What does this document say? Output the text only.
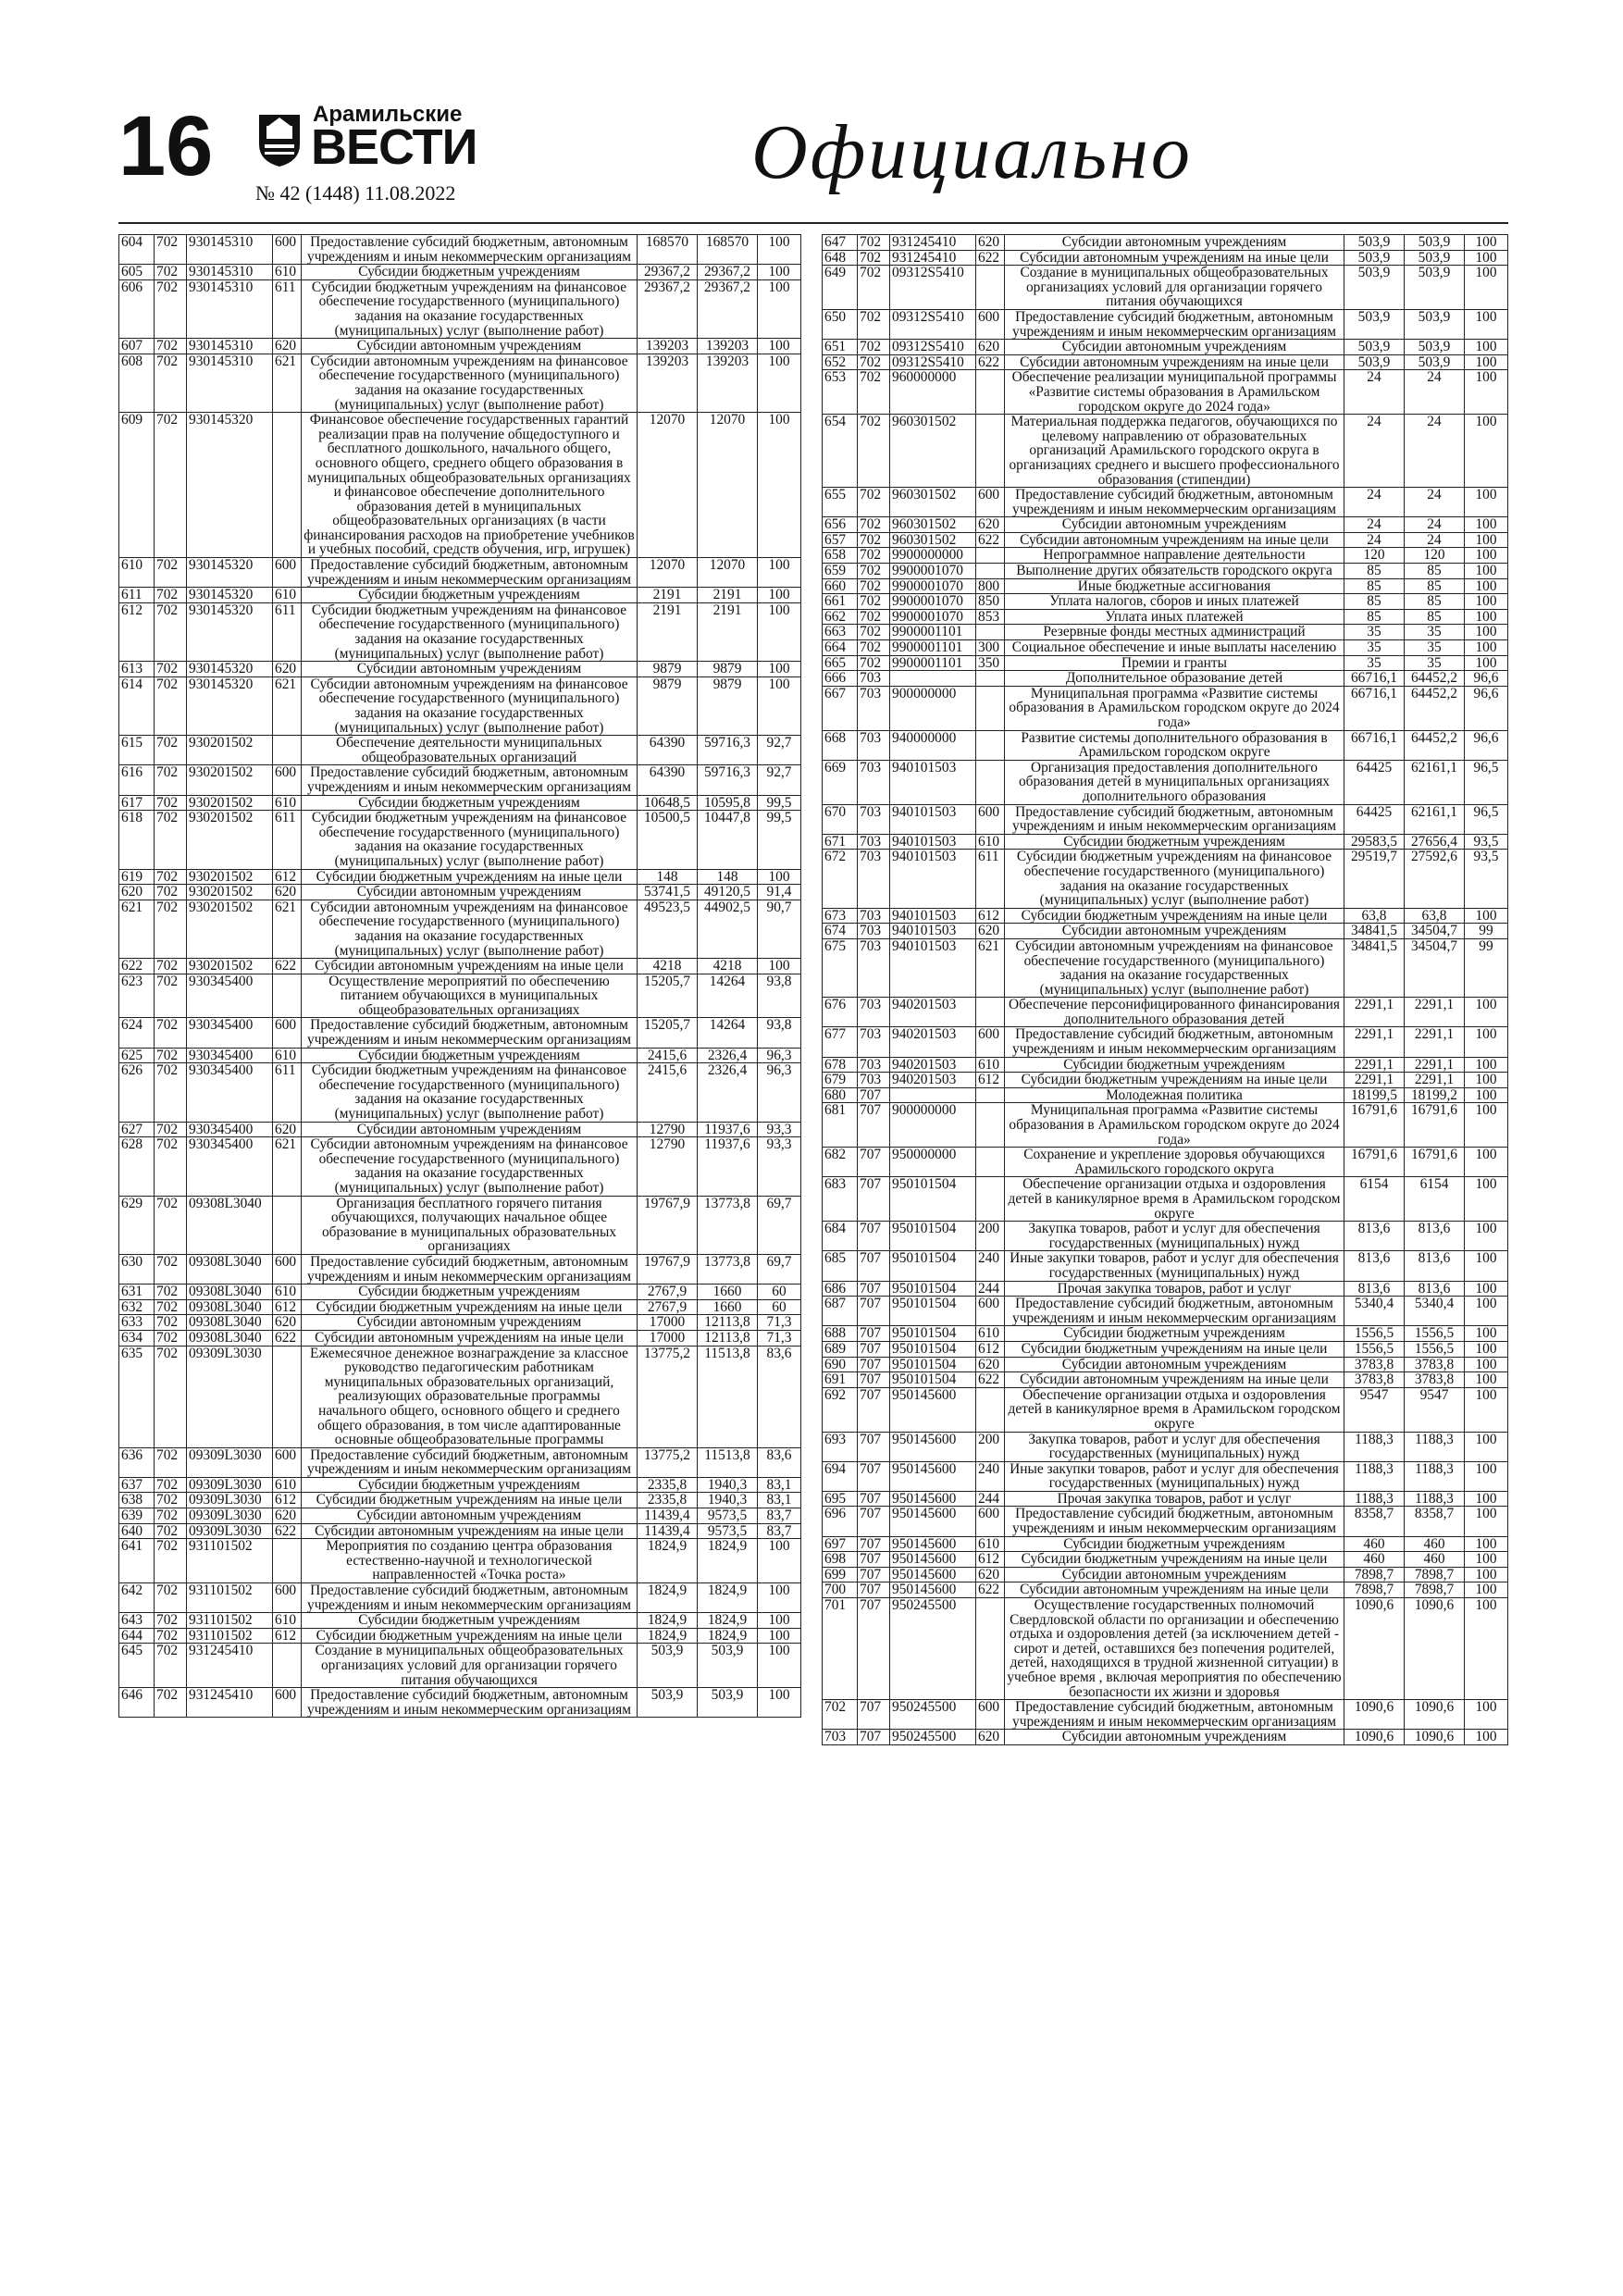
16	Арамильские
ВЕСТИ
№ 42 (1448) 11.08.2022	Официально
604	702	930145310	600	Предоставление субсидий бюджетным, автономным учреждениям и иным некоммерческим организациям	168570	168570	100
605	702	930145310	610	Субсидии бюджетным учреждениям	29367,2	29367,2	100
606	702	930145310	611	Субсидии бюджетным учреждениям на финансовое обеспечение государственного (муниципального) задания на оказание государственных (муниципальных) услуг (выполнение работ)	29367,2	29367,2	100
607	702	930145310	620	Субсидии автономным учреждениям	139203	139203	100
608	702	930145310	621	Субсидии автономным учреждениям на финансовое обеспечение государственного (муниципального) задания на оказание государственных (муниципальных) услуг (выполнение работ)	139203	139203	100
609	702	930145320		Финансовое обеспечение государственных гарантий реализации прав на получение общедоступного и бесплатного дошкольного, начального общего, основного общего, среднего общего образования в муниципальных общеобразовательных организациях и финансовое обеспечение дополнительного образования детей в муниципальных общеобразовательных организациях (в части финансирования расходов на приобретение учебников и учебных пособий, средств обучения, игр, игрушек)	12070	12070	100
610	702	930145320	600	Предоставление субсидий бюджетным, автономным учреждениям и иным некоммерческим организациям	12070	12070	100
611	702	930145320	610	Субсидии бюджетным учреждениям	2191	2191	100
612	702	930145320	611	Субсидии бюджетным учреждениям на финансовое обеспечение государственного (муниципального) задания на оказание государственных (муниципальных) услуг (выполнение работ)	2191	2191	100
613	702	930145320	620	Субсидии автономным учреждениям	9879	9879	100
614	702	930145320	621	Субсидии автономным учреждениям на финансовое обеспечение государственного (муниципального) задания на оказание государственных (муниципальных) услуг (выполнение работ)	9879	9879	100
615	702	930201502		Обеспечение деятельности муниципальных общеобразовательных организаций	64390	59716,3	92,7
616	702	930201502	600	Предоставление субсидий бюджетным, автономным учреждениям и иным некоммерческим организациям	64390	59716,3	92,7
617	702	930201502	610	Субсидии бюджетным учреждениям	10648,5	10595,8	99,5
618	702	930201502	611	Субсидии бюджетным учреждениям на финансовое обеспечение государственного (муниципального) задания на оказание государственных (муниципальных) услуг (выполнение работ)	10500,5	10447,8	99,5
619	702	930201502	612	Субсидии бюджетным учреждениям на иные цели	148	148	100
620	702	930201502	620	Субсидии автономным учреждениям	53741,5	49120,5	91,4
621	702	930201502	621	Субсидии автономным учреждениям на финансовое обеспечение государственного (муниципального) задания на оказание государственных (муниципальных) услуг (выполнение работ)	49523,5	44902,5	90,7
622	702	930201502	622	Субсидии автономным учреждениям на иные цели	4218	4218	100
623	702	930345400		Осуществление мероприятий по обеспечению питанием обучающихся в муниципальных общеобразовательных организациях	15205,7	14264	93,8
624	702	930345400	600	Предоставление субсидий бюджетным, автономным учреждениям и иным некоммерческим организациям	15205,7	14264	93,8
625	702	930345400	610	Субсидии бюджетным учреждениям	2415,6	2326,4	96,3
626	702	930345400	611	Субсидии бюджетным учреждениям на финансовое обеспечение государственного (муниципального) задания на оказание государственных (муниципальных) услуг (выполнение работ)	2415,6	2326,4	96,3
627	702	930345400	620	Субсидии автономным учреждениям	12790	11937,6	93,3
628	702	930345400	621	Субсидии автономным учреждениям на финансовое обеспечение государственного (муниципального) задания на оказание государственных (муниципальных) услуг (выполнение работ)	12790	11937,6	93,3
629	702	09308L3040		Организация бесплатного горячего питания обучающихся, получающих начальное общее образование в муниципальных образовательных организациях	19767,9	13773,8	69,7
630	702	09308L3040	600	Предоставление субсидий бюджетным, автономным учреждениям и иным некоммерческим организациям	19767,9	13773,8	69,7
631	702	09308L3040	610	Субсидии бюджетным учреждениям	2767,9	1660	60
632	702	09308L3040	612	Субсидии бюджетным учреждениям на иные цели	2767,9	1660	60
633	702	09308L3040	620	Субсидии автономным учреждениям	17000	12113,8	71,3
634	702	09308L3040	622	Субсидии автономным учреждениям на иные цели	17000	12113,8	71,3
635	702	09309L3030		Ежемесячное денежное вознаграждение за классное руководство педагогическим работникам муниципальных образовательных организаций, реализующих образовательные программы начального общего, основного общего и среднего общего образования, в том числе адаптированные основные общеобразовательные программы	13775,2	11513,8	83,6
636	702	09309L3030	600	Предоставление субсидий бюджетным, автономным учреждениям и иным некоммерческим организациям	13775,2	11513,8	83,6
637	702	09309L3030	610	Субсидии бюджетным учреждениям	2335,8	1940,3	83,1
638	702	09309L3030	612	Субсидии бюджетным учреждениям на иные цели	2335,8	1940,3	83,1
639	702	09309L3030	620	Субсидии автономным учреждениям	11439,4	9573,5	83,7
640	702	09309L3030	622	Субсидии автономным учреждениям на иные цели	11439,4	9573,5	83,7
641	702	931101502		Мероприятия по созданию центра образования естественно-научной и технологической направленностей «Точка роста»	1824,9	1824,9	100
642	702	931101502	600	Предоставление субсидий бюджетным, автономным учреждениям и иным некоммерческим организациям	1824,9	1824,9	100
643	702	931101502	610	Субсидии бюджетным учреждениям	1824,9	1824,9	100
644	702	931101502	612	Субсидии бюджетным учреждениям на иные цели	1824,9	1824,9	100
645	702	931245410		Создание в муниципальных общеобразовательных организациях условий для организации горячего питания обучающихся	503,9	503,9	100
646	702	931245410	600	Предоставление субсидий бюджетным, автономным учреждениям и иным некоммерческим организациям	503,9	503,9	100
647	702	931245410	620	Субсидии автономным учреждениям	503,9	503,9	100
648	702	931245410	622	Субсидии автономным учреждениям на иные цели	503,9	503,9	100
649	702	09312S5410		Создание в муниципальных общеобразовательных организациях условий для организации горячего питания обучающихся	503,9	503,9	100
650	702	09312S5410	600	Предоставление субсидий бюджетным, автономным учреждениям и иным некоммерческим организациям	503,9	503,9	100
651	702	09312S5410	620	Субсидии автономным учреждениям	503,9	503,9	100
652	702	09312S5410	622	Субсидии автономным учреждениям на иные цели	503,9	503,9	100
653	702	960000000		Обеспечение реализации муниципальной программы «Развитие системы образования в Арамильском городском округе до 2024 года»	24	24	100
654	702	960301502		Материальная поддержка педагогов, обучающихся по целевому направлению от образовательных организаций Арамильского городского округа в организациях среднего и высшего профессионального образования (стипендии)	24	24	100
655	702	960301502	600	Предоставление субсидий бюджетным, автономным учреждениям и иным некоммерческим организациям	24	24	100
656	702	960301502	620	Субсидии автономным учреждениям	24	24	100
657	702	960301502	622	Субсидии автономным учреждениям на иные цели	24	24	100
658	702	9900000000		Непрограммное направление деятельности	120	120	100
659	702	9900001070		Выполнение других обязательств городского округа	85	85	100
660	702	9900001070	800	Иные бюджетные ассигнования	85	85	100
661	702	9900001070	850	Уплата налогов, сборов и иных платежей	85	85	100
662	702	9900001070	853	Уплата иных платежей	85	85	100
663	702	9900001101		Резервные фонды местных администраций	35	35	100
664	702	9900001101	300	Социальное обеспечение и иные выплаты населению	35	35	100
665	702	9900001101	350	Премии и гранты	35	35	100
666	703			Дополнительное образование детей	66716,1	64452,2	96,6
667	703	900000000		Муниципальная программа «Развитие системы образования в Арамильском городском округе до 2024 года»	66716,1	64452,2	96,6
668	703	940000000		Развитие системы дополнительного образования в Арамильском городском округе	66716,1	64452,2	96,6
669	703	940101503		Организация предоставления дополнительного образования детей в муниципальных организациях дополнительного образования	64425	62161,1	96,5
670	703	940101503	600	Предоставление субсидий бюджетным, автономным учреждениям и иным некоммерческим организациям	64425	62161,1	96,5
671	703	940101503	610	Субсидии бюджетным учреждениям	29583,5	27656,4	93,5
672	703	940101503	611	Субсидии бюджетным учреждениям на финансовое обеспечение государственного (муниципального) задания на оказание государственных (муниципальных) услуг (выполнение работ)	29519,7	27592,6	93,5
673	703	940101503	612	Субсидии бюджетным учреждениям на иные цели	63,8	63,8	100
674	703	940101503	620	Субсидии автономным учреждениям	34841,5	34504,7	99
675	703	940101503	621	Субсидии автономным учреждениям на финансовое обеспечение государственного (муниципального) задания на оказание государственных (муниципальных) услуг (выполнение работ)	34841,5	34504,7	99
676	703	940201503		Обеспечение персонифицированного финансирования дополнительного образования детей	2291,1	2291,1	100
677	703	940201503	600	Предоставление субсидий бюджетным, автономным учреждениям и иным некоммерческим организациям	2291,1	2291,1	100
678	703	940201503	610	Субсидии бюджетным учреждениям	2291,1	2291,1	100
679	703	940201503	612	Субсидии бюджетным учреждениям на иные цели	2291,1	2291,1	100
680	707			Молодежная политика	18199,5	18199,2	100
681	707	900000000		Муниципальная программа «Развитие системы образования в Арамильском городском округе до 2024 года»	16791,6	16791,6	100
682	707	950000000		Сохранение и укрепление здоровья обучающихся Арамильского городского округа	16791,6	16791,6	100
683	707	950101504		Обеспечение организации отдыха и оздоровления детей в каникулярное время в Арамильском городском округе	6154	6154	100
684	707	950101504	200	Закупка товаров, работ и услуг для обеспечения государственных (муниципальных) нужд	813,6	813,6	100
685	707	950101504	240	Иные закупки товаров, работ и услуг для обеспечения государственных (муниципальных) нужд	813,6	813,6	100
686	707	950101504	244	Прочая закупка товаров, работ и услуг	813,6	813,6	100
687	707	950101504	600	Предоставление субсидий бюджетным, автономным учреждениям и иным некоммерческим организациям	5340,4	5340,4	100
688	707	950101504	610	Субсидии бюджетным учреждениям	1556,5	1556,5	100
689	707	950101504	612	Субсидии бюджетным учреждениям на иные цели	1556,5	1556,5	100
690	707	950101504	620	Субсидии автономным учреждениям	3783,8	3783,8	100
691	707	950101504	622	Субсидии автономным учреждениям на иные цели	3783,8	3783,8	100
692	707	950145600		Обеспечение организации отдыха и оздоровления детей в каникулярное время в Арамильском городском округе	9547	9547	100
693	707	950145600	200	Закупка товаров, работ и услуг для обеспечения государственных (муниципальных) нужд	1188,3	1188,3	100
694	707	950145600	240	Иные закупки товаров, работ и услуг для обеспечения государственных (муниципальных) нужд	1188,3	1188,3	100
695	707	950145600	244	Прочая закупка товаров, работ и услуг	1188,3	1188,3	100
696	707	950145600	600	Предоставление субсидий бюджетным, автономным учреждениям и иным некоммерческим организациям	8358,7	8358,7	100
697	707	950145600	610	Субсидии бюджетным учреждениям	460	460	100
698	707	950145600	612	Субсидии бюджетным учреждениям на иные цели	460	460	100
699	707	950145600	620	Субсидии автономным учреждениям	7898,7	7898,7	100
700	707	950145600	622	Субсидии автономным учреждениям на иные цели	7898,7	7898,7	100
701	707	950245500		Осуществление государственных полномочий Свердловской области по организации и обеспечению отдыха и оздоровления детей (за исключением детей - сирот и детей, оставшихся без попечения родителей, детей, находящихся в трудной жизненной ситуации) в учебное время , включая мероприятия по обеспечению безопасности их жизни и здоровья	1090,6	1090,6	100
702	707	950245500	600	Предоставление субсидий бюджетным, автономным учреждениям и иным некоммерческим организациям	1090,6	1090,6	100
703	707	950245500	620	Субсидии автономным учреждениям	1090,6	1090,6	100
